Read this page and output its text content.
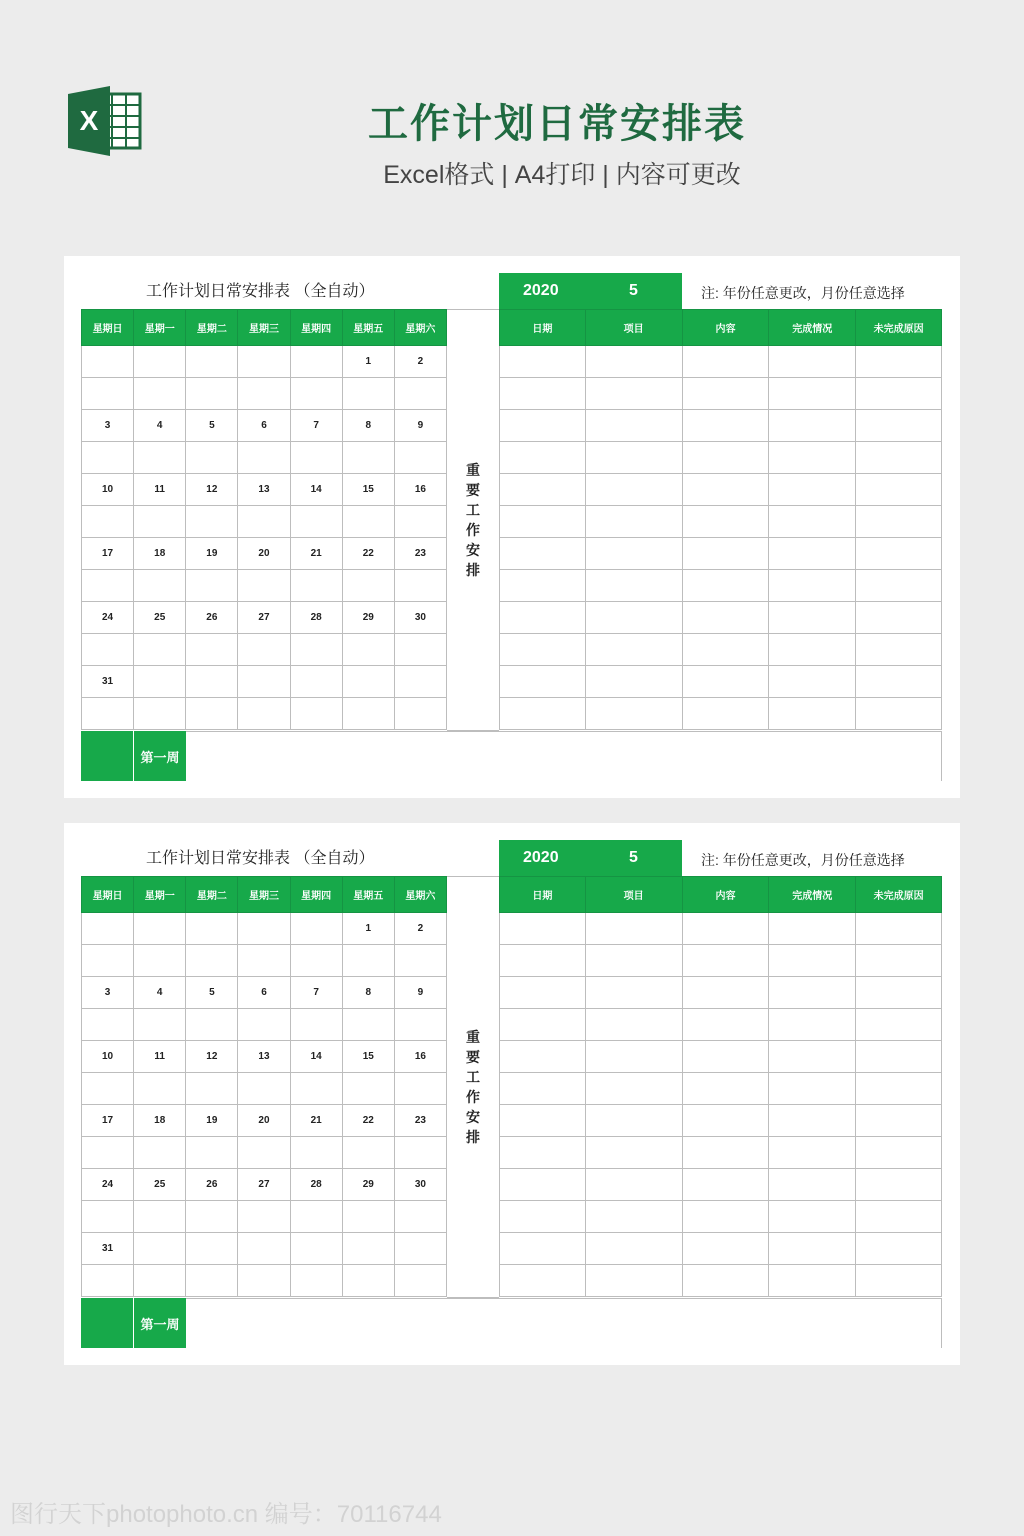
X	工作计划日常安排表
Excel格式 | A4打印 | 内容可更改
工作计划日常安排表 （全自动）	2020	5	注: 年份任意更改，月份任意选择
星期日	星期一	星期二	星期三	星期四	星期五	星期六
					1	2

3	4	5	6	7	8	9

10	11	12	13	14	15	16

17	18	19	20	21	22	23

24	25	26	27	28	29	30

31						

重要工作安排
日期	项目	内容	完成情况	未完成原因

第一周
工作计划日常安排表 （全自动）	2020	5	注: 年份任意更改，月份任意选择
星期日	星期一	星期二	星期三	星期四	星期五	星期六
					1	2

3	4	5	6	7	8	9

10	11	12	13	14	15	16

17	18	19	20	21	22	23

24	25	26	27	28	29	30

31						

重要工作安排
日期	项目	内容	完成情况	未完成原因

第一周
图行天下photophoto.cn 编号：70116744
